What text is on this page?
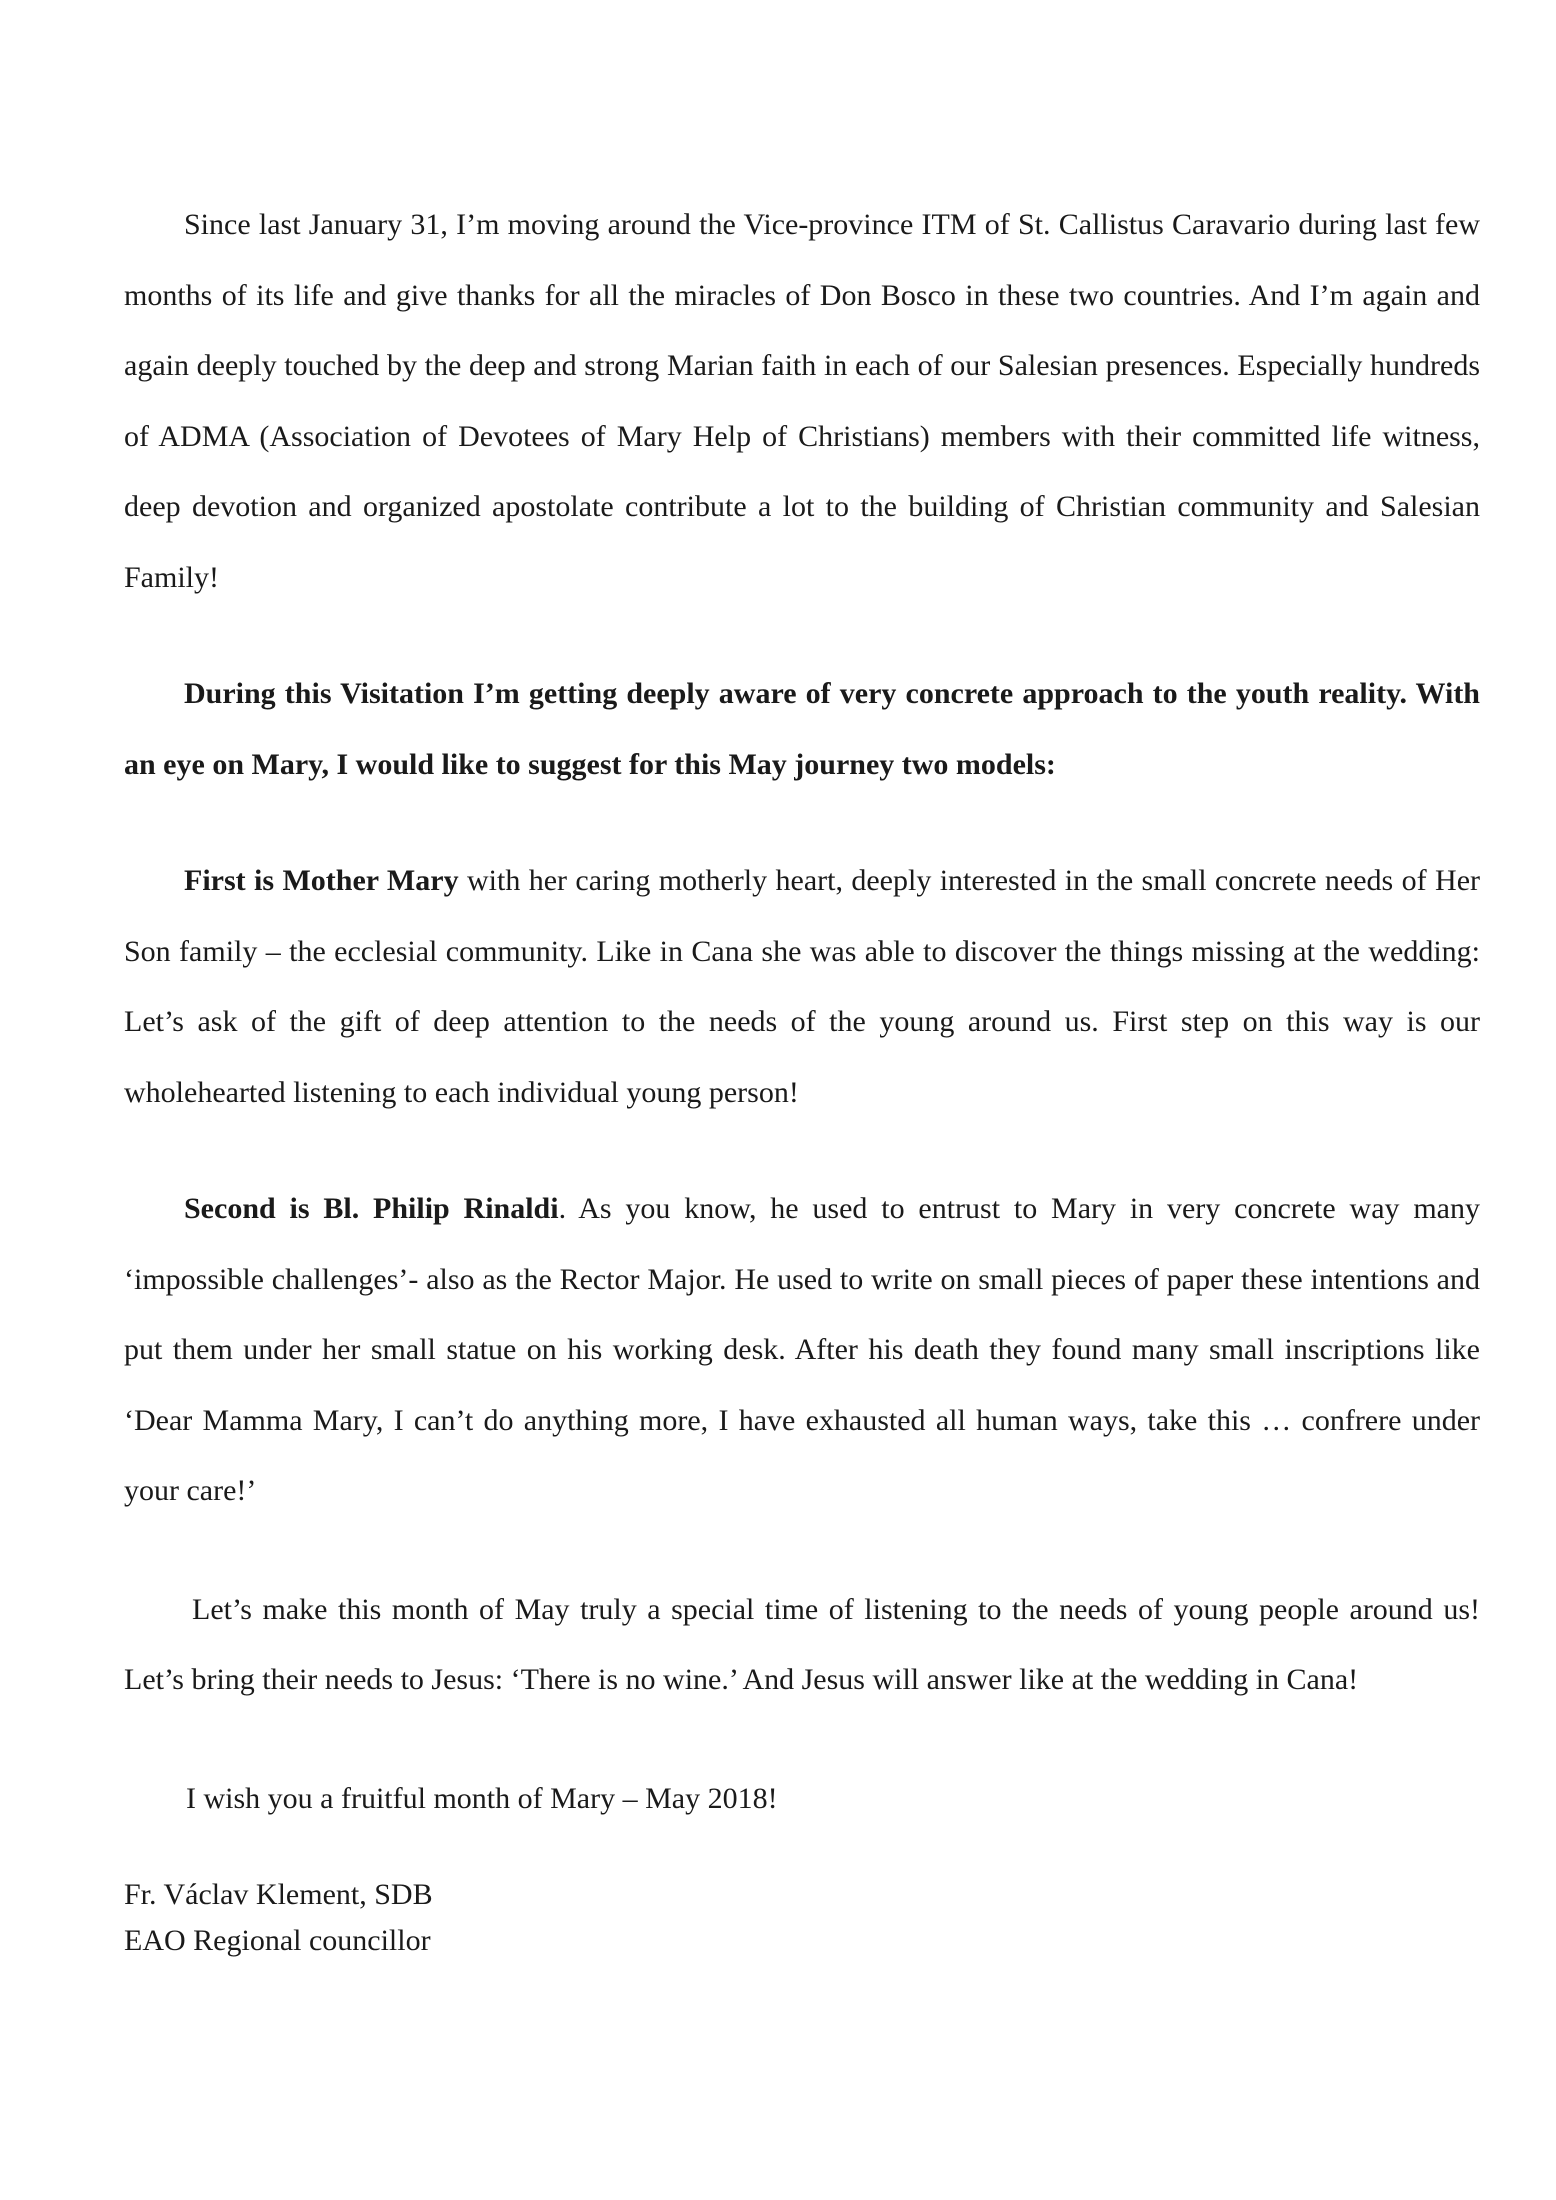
Since last January 31, I’m moving around the Vice-province ITM of St. Callistus Caravario during last few months of its life and give thanks for all the miracles of Don Bosco in these two countries. And I’m again and again deeply touched by the deep and strong Marian faith in each of our Salesian presences. Especially hundreds of ADMA (Association of Devotees of Mary Help of Christians) members with their committed life witness, deep devotion and organized apostolate contribute a lot to the building of Christian community and Salesian Family!

During this Visitation I’m getting deeply aware of very concrete approach to the youth reality. With an eye on Mary, I would like to suggest for this May journey two models:

First is Mother Mary with her caring motherly heart, deeply interested in the small concrete needs of Her Son family – the ecclesial community. Like in Cana she was able to discover the things missing at the wedding: Let’s ask of the gift of deep attention to the needs of the young around us. First step on this way is our wholehearted listening to each individual young person!

Second is Bl. Philip Rinaldi. As you know, he used to entrust to Mary in very concrete way many ‘impossible challenges’- also as the Rector Major. He used to write on small pieces of paper these intentions and put them under her small statue on his working desk. After his death they found many small inscriptions like ‘Dear Mamma Mary, I can’t do anything more, I have exhausted all human ways, take this … confrere under your care!’

Let’s make this month of May truly a special time of listening to the needs of young people around us! Let’s bring their needs to Jesus: ‘There is no wine.’ And Jesus will answer like at the wedding in Cana!

I wish you a fruitful month of Mary – May 2018!

Fr. Václav Klement, SDB
EAO Regional councillor
